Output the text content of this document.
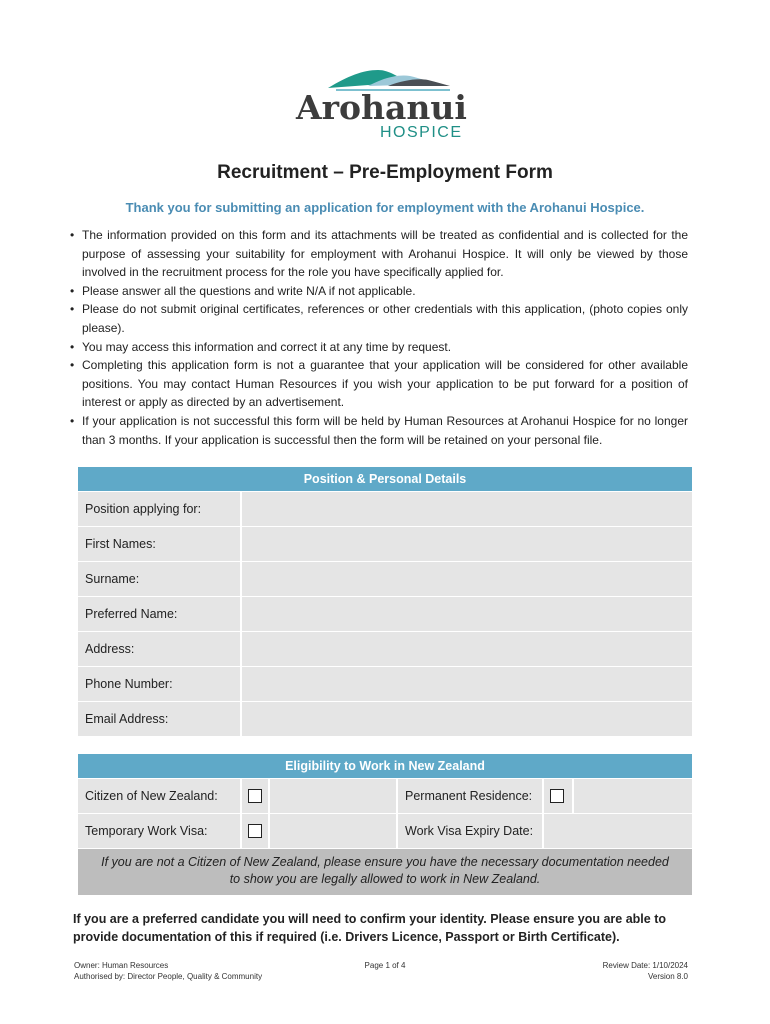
Arohanui
HOSPICE
Recruitment – Pre-Employment Form
Thank you for submitting an application for employment with the Arohanui Hospice.
• The information provided on this form and its attachments will be treated as confidential and is collected for the purpose of assessing your suitability for employment with Arohanui Hospice. It will only be viewed by those involved in the recruitment process for the role you have specifically applied for.
• Please answer all the questions and write N/A if not applicable.
• Please do not submit original certificates, references or other credentials with this application, (photo copies only please).
• You may access this information and correct it at any time by request.
• Completing this application form is not a guarantee that your application will be considered for other available positions. You may contact Human Resources if you wish your application to be put forward for a position of interest or apply as directed by an advertisement.
• If your application is not successful this form will be held by Human Resources at Arohanui Hospice for no longer than 3 months. If your application is successful then the form will be retained on your personal file.
Position & Personal Details
Position applying for:
First Names:
Surname:
Preferred Name:
Address:
Phone Number:
Email Address:
Eligibility to Work in New Zealand
Citizen of New Zealand:	Permanent Residence:
Temporary Work Visa:	Work Visa Expiry Date:
If you are not a Citizen of New Zealand, please ensure you have the necessary documentation needed to show you are legally allowed to work in New Zealand.
If you are a preferred candidate you will need to confirm your identity. Please ensure you are able to provide documentation of this if required (i.e. Drivers Licence, Passport or Birth Certificate).
Owner: Human Resources
Authorised by: Director People, Quality & Community
Page 1 of 4	Review Date: 1/10/2024
Version 8.0
